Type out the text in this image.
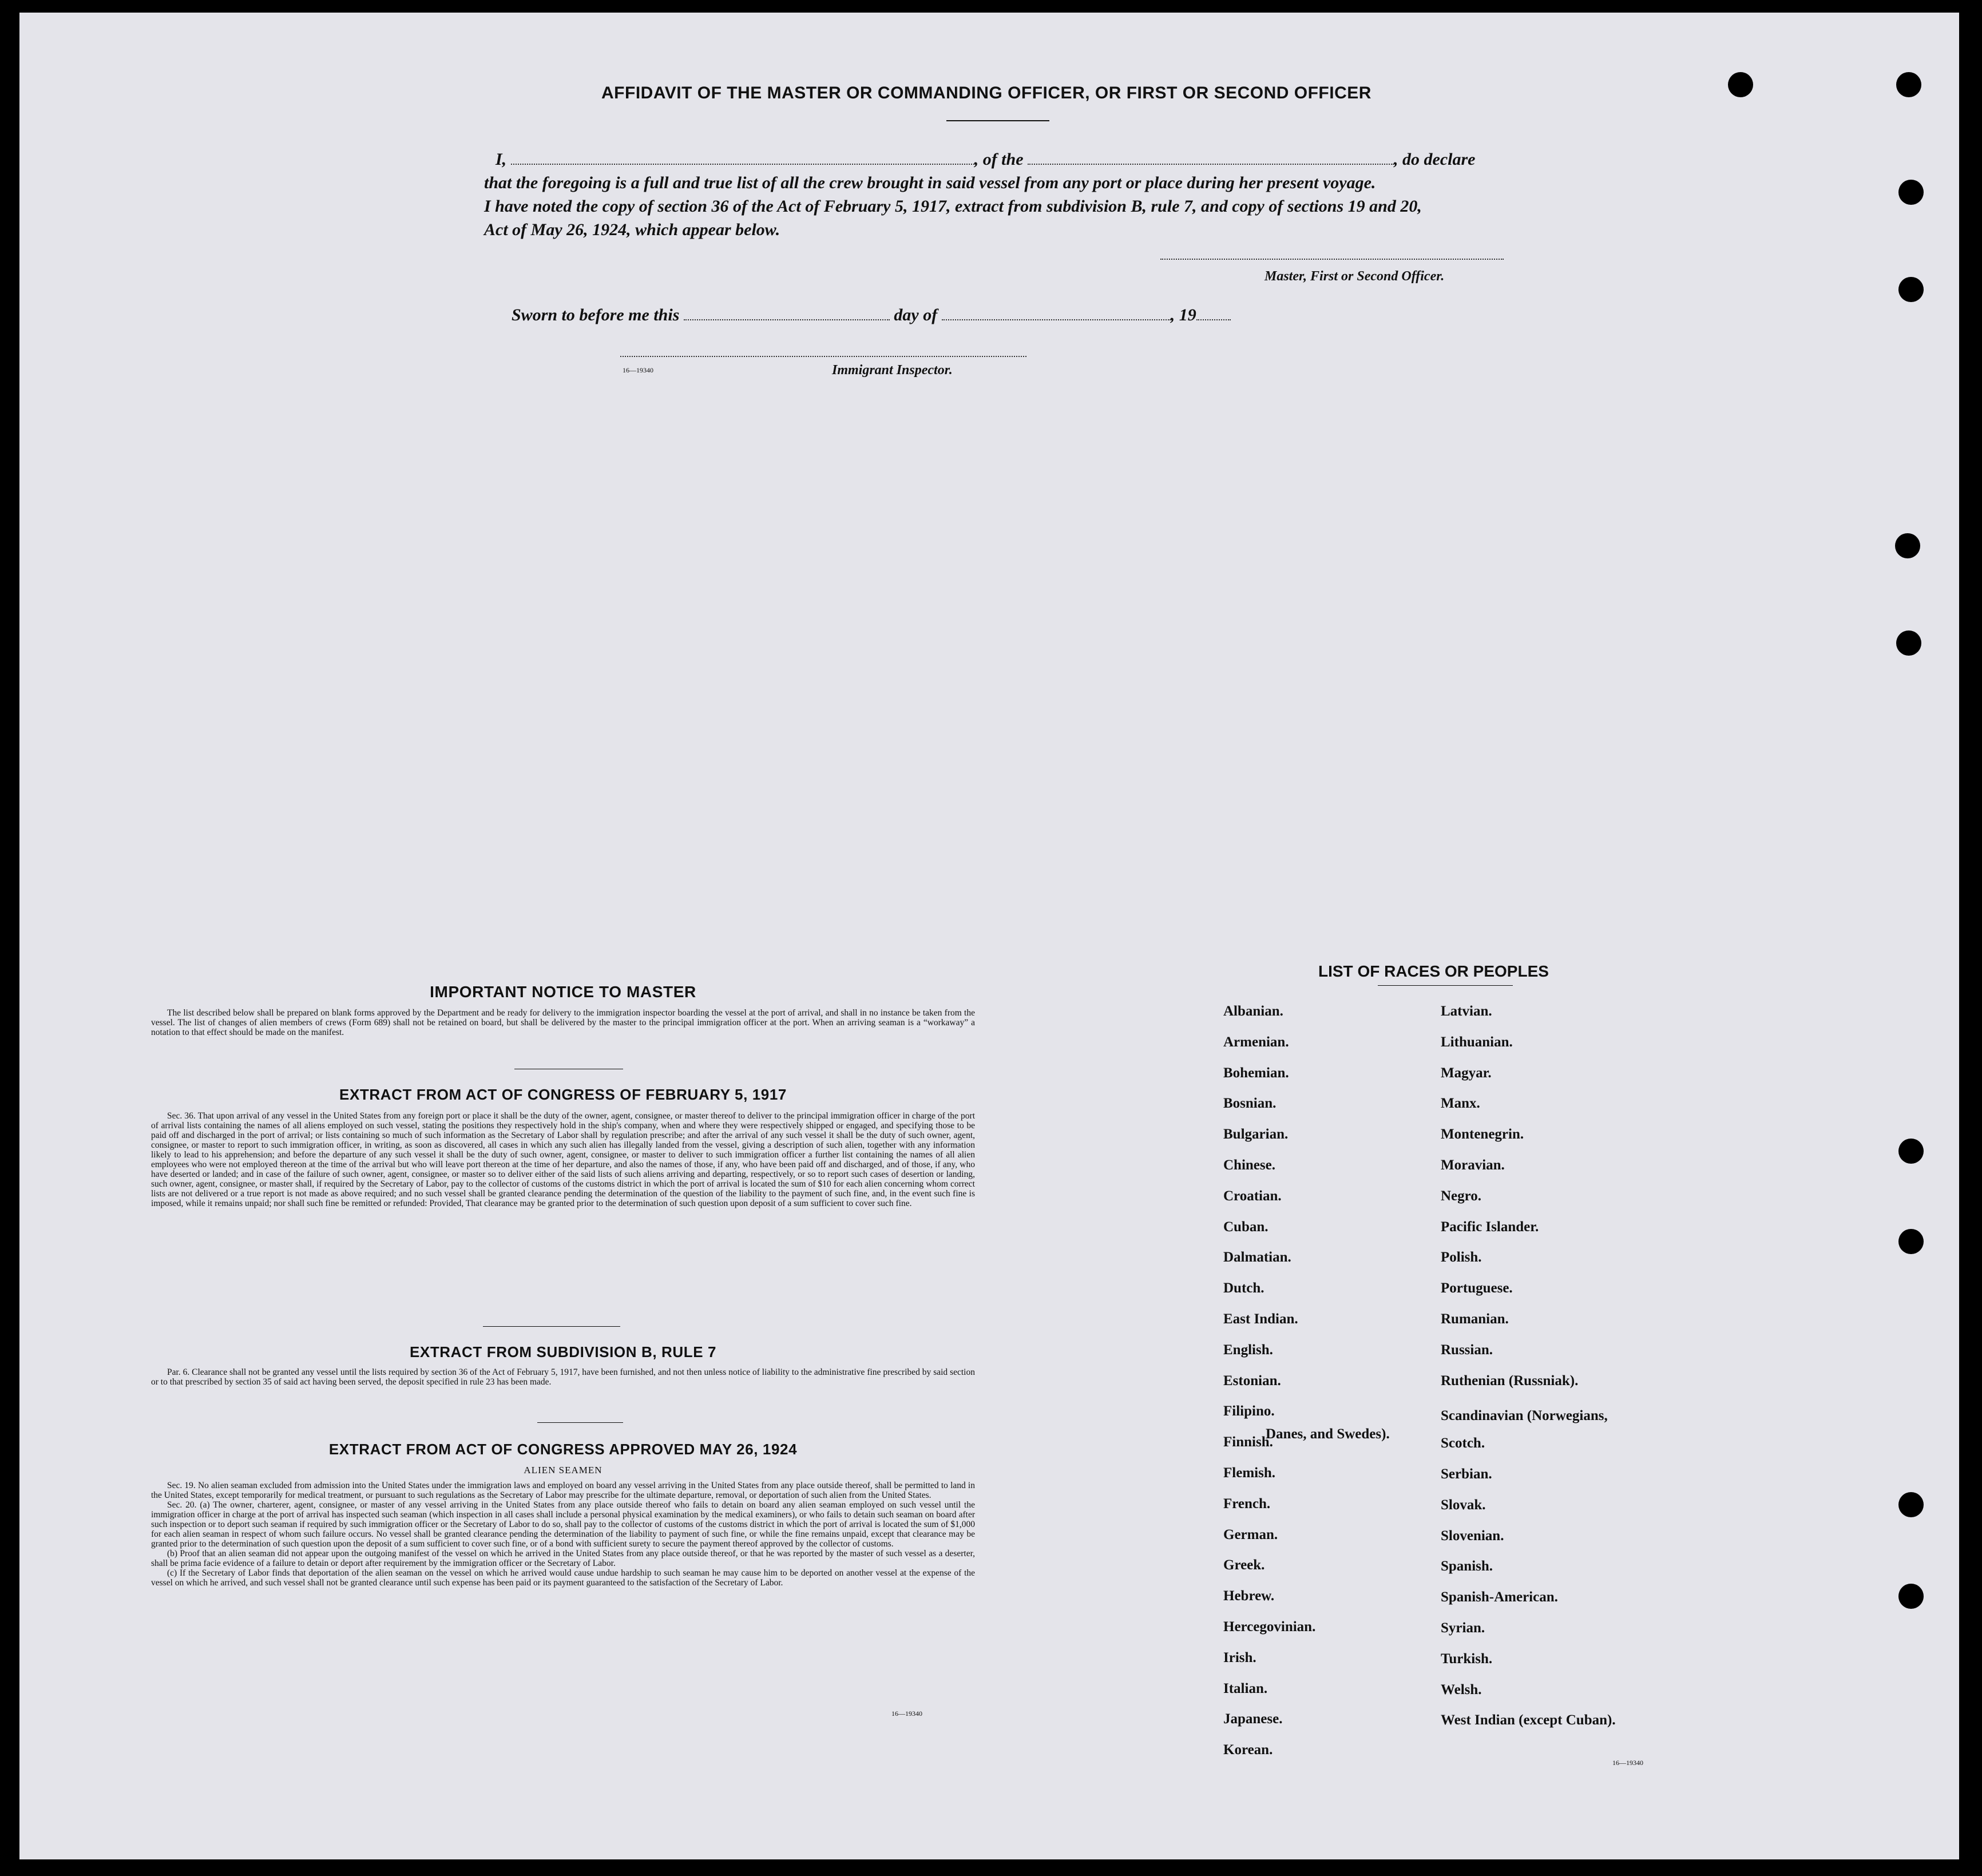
AFFIDAVIT OF THE MASTER OR COMMANDING OFFICER, OR FIRST OR SECOND OFFICER
I,	, of the	, do declare
that the foregoing is a full and true list of all the crew brought in said vessel from any port or place during her present voyage.
I have noted the copy of section 36 of the Act of February 5, 1917, extract from subdivision B, rule 7, and copy of sections 19 and 20,
Act of May 26, 1924, which appear below.
Master, First or Second Officer.
Sworn to before me this	day of	, 19
16—19340	Immigrant Inspector.
IMPORTANT NOTICE TO MASTER

The list described below shall be prepared on blank forms approved by the Department and be ready for delivery to the immigration inspector boarding the vessel at the port of arrival, and shall in no instance be taken from the vessel. The list of changes of alien members of crews (Form 689) shall not be retained on board, but shall be delivered by the master to the principal immigration officer at the port. When an arriving seaman is a “workaway” a notation to that effect should be made on the manifest.

EXTRACT FROM ACT OF CONGRESS OF FEBRUARY 5, 1917

Sec. 36. That upon arrival of any vessel in the United States from any foreign port or place it shall be the duty of the owner, agent, consignee, or master thereof to deliver to the principal immigration officer in charge of the port of arrival lists containing the names of all aliens employed on such vessel, stating the positions they respectively hold in the ship's company, when and where they were respectively shipped or engaged, and specifying those to be paid off and discharged in the port of arrival; or lists containing so much of such information as the Secretary of Labor shall by regulation prescribe; and after the arrival of any such vessel it shall be the duty of such owner, agent, consignee, or master to report to such immigration officer, in writing, as soon as discovered, all cases in which any such alien has illegally landed from the vessel, giving a description of such alien, together with any information likely to lead to his apprehension; and before the departure of any such vessel it shall be the duty of such owner, agent, consignee, or master to deliver to such immigration officer a further list containing the names of all alien employees who were not employed thereon at the time of the arrival but who will leave port thereon at the time of her departure, and also the names of those, if any, who have been paid off and discharged, and of those, if any, who have deserted or landed; and in case of the failure of such owner, agent, consignee, or master so to deliver either of the said lists of such aliens arriving and departing, respectively, or so to report such cases of desertion or landing, such owner, agent, consignee, or master shall, if required by the Secretary of Labor, pay to the collector of customs of the customs district in which the port of arrival is located the sum of $10 for each alien concerning whom correct lists are not delivered or a true report is not made as above required; and no such vessel shall be granted clearance pending the determination of the question of the liability to the payment of such fine, and, in the event such fine is imposed, while it remains unpaid; nor shall such fine be remitted or refunded: Provided, That clearance may be granted prior to the determination of such question upon deposit of a sum sufficient to cover such fine.

EXTRACT FROM SUBDIVISION B, RULE 7

Par. 6. Clearance shall not be granted any vessel until the lists required by section 36 of the Act of February 5, 1917, have been furnished, and not then unless notice of liability to the administrative fine prescribed by said section or to that prescribed by section 35 of said act having been served, the deposit specified in rule 23 has been made.

EXTRACT FROM ACT OF CONGRESS APPROVED MAY 26, 1924
ALIEN SEAMEN

Sec. 19. No alien seaman excluded from admission into the United States under the immigration laws and employed on board any vessel arriving in the United States from any place outside thereof, shall be permitted to land in the United States, except temporarily for medical treatment, or pursuant to such regulations as the Secretary of Labor may prescribe for the ultimate departure, removal, or deportation of such alien from the United States.

Sec. 20. (a) The owner, charterer, agent, consignee, or master of any vessel arriving in the United States from any place outside thereof who fails to detain on board any alien seaman employed on such vessel until the immigration officer in charge at the port of arrival has inspected such seaman (which inspection in all cases shall include a personal physical examination by the medical examiners), or who fails to detain such seaman on board after such inspection or to deport such seaman if required by such immigration officer or the Secretary of Labor to do so, shall pay to the collector of customs of the customs district in which the port of arrival is located the sum of $1,000 for each alien seaman in respect of whom such failure occurs. No vessel shall be granted clearance pending the determination of the liability to payment of such fine, or while the fine remains unpaid, except that clearance may be granted prior to the determination of such question upon the deposit of a sum sufficient to cover such fine, or of a bond with sufficient surety to secure the payment thereof approved by the collector of customs.

(b) Proof that an alien seaman did not appear upon the outgoing manifest of the vessel on which he arrived in the United States from any place outside thereof, or that he was reported by the master of such vessel as a deserter, shall be prima facie evidence of a failure to detain or deport after requirement by the immigration officer or the Secretary of Labor.

(c) If the Secretary of Labor finds that deportation of the alien seaman on the vessel on which he arrived would cause undue hardship to such seaman he may cause him to be deported on another vessel at the expense of the vessel on which he arrived, and such vessel shall not be granted clearance until such expense has been paid or its payment guaranteed to the satisfaction of the Secretary of Labor.

16—19340
LIST OF RACES OR PEOPLES
Albanian.
Armenian.
Bohemian.
Bosnian.
Bulgarian.
Chinese.
Croatian.
Cuban.
Dalmatian.
Dutch.
East Indian.
English.
Estonian.
Filipino.
Finnish.
Flemish.
French.
German.
Greek.
Hebrew.
Hercegovinian.
Irish.
Italian.
Japanese.
Korean.
Latvian.
Lithuanian.
Magyar.
Manx.
Montenegrin.
Moravian.
Negro.
Pacific Islander.
Polish.
Portuguese.
Rumanian.
Russian.
Ruthenian (Russniak).
Scandinavian (Norwegians,
Danes, and Swedes).
Scotch.
Serbian.
Slovak.
Slovenian.
Spanish.
Spanish-American.
Syrian.
Turkish.
Welsh.
West Indian (except Cuban).
16—19340
